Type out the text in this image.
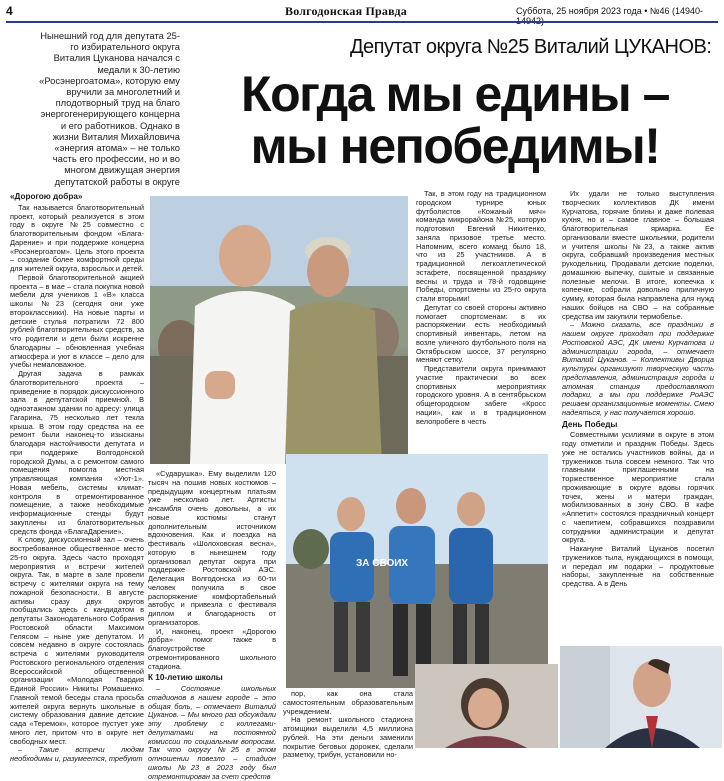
4	Волгодонская Правда	Суббота, 25 ноября 2023 года • №46 (14940-
Нынешний год для депутата 25-го избирательного округа Виталия Цуканова начался с медали к 30-летию «Росэнергоатома», которую ему вручили за многолетний и плодотворный труд на благо энергогенерирующего концерна и его работников. Однако в жизни Виталия Михайловича «энергия атома» – не только часть его профессии, но и во многом движущая энергия депутатской работы в округе
Депутат округа №25 Виталий ЦУКАНОВ:
Когда мы едины –
мы непобедимы!
ЗА СВОИХ
«Дорогою добра»

Так называется благотворительный проект, который реализуется в этом году в округе №25 совместно с благотворительным фондом «Блага-Дарение» и при поддержке концерна «Росэнергоатом». Цель этого проекта – создание более комфортной среды для жителей округа, взрослых и детей.

Первой благотворительной акцией проекта – в мае – стала покупка новой мебели для учеников 1 «В» класса школы №23 (сегодня они уже второклассники). На новые парты и детские стулья потратили 72 800 рублей благотворительных средств, за что родители и дети были искренне благодарны – обновленная учебная атмосфера и уют в классе – дело для учебы немаловажное.

Другая задача в рамках благотворительного проекта – приведение в порядок дискуссионного зала в депутатской приемной. В одноэтажном здании по адресу: улица Гагарина, 75 несколько лет текла крыша. В этом году средства на ее ремонт были наконец-то изысканы благодаря настойчивости депутата и при поддержке Волгодонской городской Думы, а с ремонтом самого помещения помогла местная управляющая компания «Уют-1». Новая мебель, системы климат-контроля в отремонтированное помещение, а также необходимые информационные стенды будут закуплены из благотворительных средств фонда «БлагаДарение».

К слову, дискуссионный зал – очень востребованное общественное место 25-го округа. Здесь часто проходят мероприятия и встречи жителей округа. Так, в марте в зале провели встречу с жителями округа на тему пожарной безопасности. В августе активы сразу двух округов пообщались здесь с кандидатом в депутаты Законодательного Собрания Ростовской области Максимом Гелясом – ныне уже депутатом. И совсем недавно в округе состоялась встреча с жителями руководителя Ростовского регионального отделения Всероссийской общественной организации «Молодая Гвардия Единой России» Никиты Ромашенко. Главной темой беседы стала просьба жителей округа вернуть школьные в систему образования давние детские сада «Теремок», которое пустует уже много лет, притом что в округе нет свободных мест.

– Такие встречи людям необходимы и, разумеется, требуют

«Сударушка». Ему выделили 120 тысяч на пошив новых костюмов – предыдущим концертным платьям уже несколько лет. Артисты ансамбля очень довольны, а их новые костюмы станут дополнительным источником вдохновения. Как и поездка на фестиваль «Шолоховская весна», которую в нынешнем году организовал депутат округа при поддержке Ростовской АЭС. Делегация Волгодонска из 60-ти человек получила в свое распоряжение комфортабельный автобус и привезла с фестиваля диплом и благодарность от организаторов.

И, наконец, проект «Дорогою добра» помог также в благоустройстве отремонтированного школьного стадиона.

К 10-летию школы

– Состояние школьных стадионов в нашем городе – это общая боль, – отмечает Виталий Цуканов. – Мы много раз обсуждали эту проблему с коллегами-депутатами на постоянной комиссии по социальным вопросам. Так что округу №25 в этом отношении повезло – стадион школы №23 в 2023 году был отремонтирован за счет средств

пор, как она стала самостоятельным образовательным учреждением.

На ремонт школьного стадиона атомщики выделили 4,5 миллиона рублей. На эти деньги заменили покрытие беговых дорожек, сделали разметку, трибун, установили но-

Так, в этом году на традиционном городском турнире юных футболистов «Кожаный мяч» команда микрорайона №25, которую подготовил Евгений Никитенко, заняла призовое третье место. Напомним, всего команд было 18, что из 25 участников. А в традиционной легкоатлетической эстафете, посвященной празднику весны и труда и 78-й годовщине Победы, спортсмены из 25-го округа стали вторыми!

Депутат со своей стороны активно помогает спортсменам: в их распоряжении есть необходимый спортивный инвентарь, летом на возле уличного футбольного поля на Октябрьском шоссе, 37 регулярно меняют сетку.

Представители округа принимают участие практически во всех спортивных мероприятиях городского уровня. А в сентябрьском общегородском забеге «Кросс нации», как и в традиционном велопробеге в честь

Их удали не только выступления творческих коллективов ДК имени Курчатова, горячие блины и даже полевая кухня, но и – самое главное – большая благотворительная ярмарка. Ее организовали вместе школьники, родители и учителя школы №23, а также актив округа, собравший произведения местных рукодельниц. Продавали детские поделки, домашнюю выпечку, сшитые и связанные полезные мелочи. В итоге, копеечка к копеечке, собрали довольно приличную сумму, которая была направлена для нужд наших бойцов на СВО – на собранные средства им закупили термобелье.

– Можно сказать, все праздники в нашем округе проходят при поддержке Ростовской АЭС, ДК имени Курчатова и администрации города, – отмечает Виталий Цуканов. – Коллективы Дворца культуры организуют творческую часть представления, администрация города и атомная станция предоставляют подарки, а мы при поддержке РоАЭС решаем организационные моменты. Смею надеяться, у нас получается хорошо.

День Победы

Совместными усилиями в округе в этом году отметили и праздник Победы. Здесь уже не остались участников войны, да и тружеников тыла совсем немного. Так что главными приглашенными на торжественное мероприятие стали проживающие в округе вдовы горячих точек, жены и матери граждан, мобилизованных в зону СВО. В кафе «Аппетит» состоялся праздничный концерт с чаепитием, собравшихся поздравили сотрудники администрации и депутат округа.

Накануне Виталий Цуканов посетил тружеников тыла, нуждающихся в помощи, и передал им подарки – продуктовые наборы, закупленные на собственные средства. А в День
